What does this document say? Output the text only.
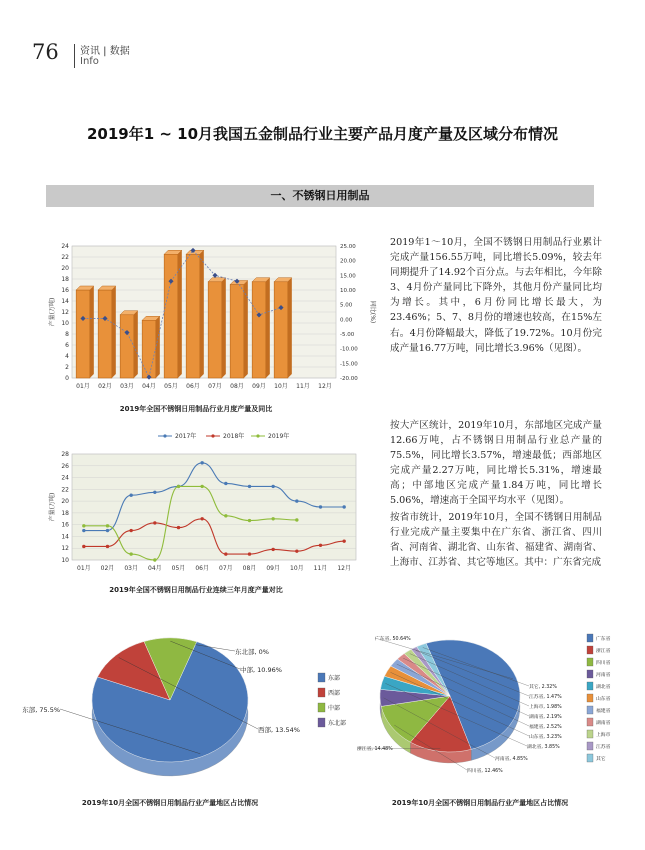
76 资讯 | 数据
Info
2019年1 ~ 10月我国五金制品行业主要产品月度产量及区域分布情况
一、不锈钢日用制品
2019年1～10月，全国不锈钢日用制品行业累计完成产量156.55万吨，同比增长5.09%，较去年同期提升了14.92个百分点。与去年相比，今年除3、4月份产量同比下降外，其他月份产量同比均为增长。其中，6月份同比增长最大，为23.46%；5、7、8月份的增速也较高，在15%左右。4月份降幅最大，降低了19.72%。10月份完成产量16.77万吨，同比增长3.96%（见图）。
按大产区统计，2019年10月，东部地区完成产量12.66万吨，占不锈钢日用制品行业总产量的75.5%，同比增长3.57%，增速最低；西部地区完成产量2.27万吨，同比增长5.31%，增速最高；中部地区完成产量1.84万吨，同比增长5.06%，增速高于全国平均水平（见图）。
按省市统计，2019年10月，全国不锈钢日用制品行业完成产量主要集中在广东省、浙江省、四川省、河南省、湖北省、山东省、福建省、湖南省、上海市、江苏省、其它等地区。其中：广东省完成
0
2
4
6
8
10
12
14
16
18
20
22
24
-20.00
-15.00
-10.00
-5.00
0.00
5.00
10.00
15.00
20.00
25.00
产量(万吨)	同比(%)
01月 02月 03月 04月 05月 06月 07月 08月 09月 10月 11月 12月
2019年全国不锈钢日用制品行业月度产量及同比
10
12
14
16
18
20
22
24
26
28
产量(万吨)
01月 02月 03月 04月 05月 06月 07月 08月 09月 10月 11月 12月
2017年	2018年	2019年
2019年全国不锈钢日用制品行业连续三年月度产量对比
东部, 75.5%
西部, 13.54%
中部, 10.96%
东北部, 0%
东部
西部
中部
东北部
2019年10月全国不锈钢日用制品行业产量地区占比情况
广东省, 50.64%
浙江省, 14.48%
四川省, 12.46%
河南省, 4.85%
湖北省, 3.85%
山东省, 3.23%
福建省, 2.52%
湖南省, 2.19%
上海市, 1.98%
江苏省, 1.47%
其它, 2.32%
广东省
浙江省
四川省
河南省
湖北省
山东省
福建省
湖南省
上海市
江苏省
其它
2019年10月全国不锈钢日用制品行业产量地区占比情况
